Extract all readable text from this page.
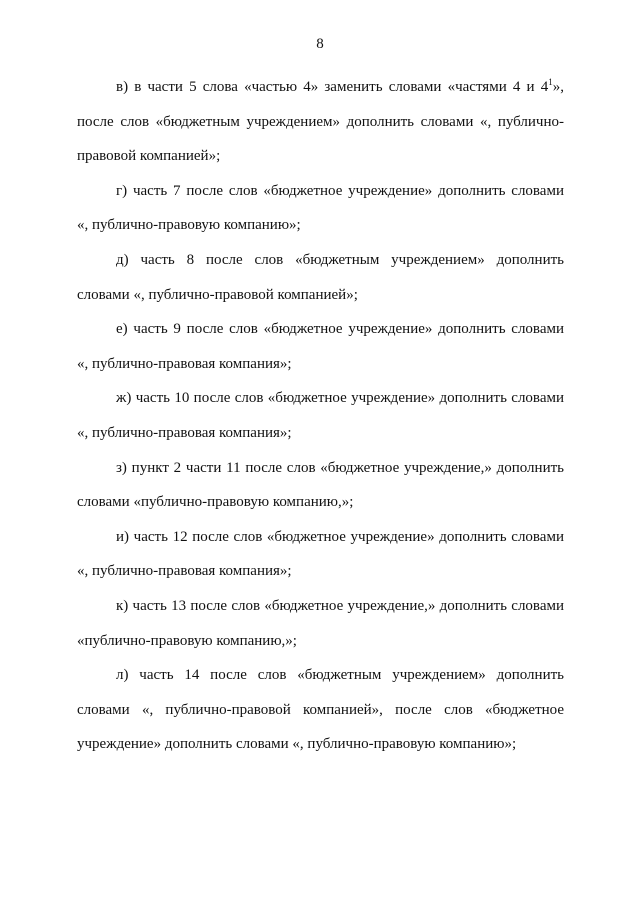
8
в) в части 5 слова «частью 4» заменить словами «частями 4 и $4^1$»,
после слов «бюджетным учреждением» дополнить словами «, публично-
правовой компанией»;
г) часть 7 после слов «бюджетное учреждение» дополнить словами
«, публично-правовую компанию»;
д) часть 8 после слов «бюджетным учреждением» дополнить
словами «, публично-правовой компанией»;
е) часть 9 после слов «бюджетное учреждение» дополнить словами
«, публично-правовая компания»;
ж) часть 10 после слов «бюджетное учреждение» дополнить словами
«, публично-правовая компания»;
з) пункт 2 части 11 после слов «бюджетное учреждение,» дополнить
словами «публично-правовую компанию,»;
и) часть 12 после слов «бюджетное учреждение» дополнить словами
«, публично-правовая компания»;
к) часть 13 после слов «бюджетное учреждение,» дополнить словами
«публично-правовую компанию,»;
л) часть 14 после слов «бюджетным учреждением» дополнить
словами «, публично-правовой компанией», после слов «бюджетное
учреждение» дополнить словами «, публично-правовую компанию»;
